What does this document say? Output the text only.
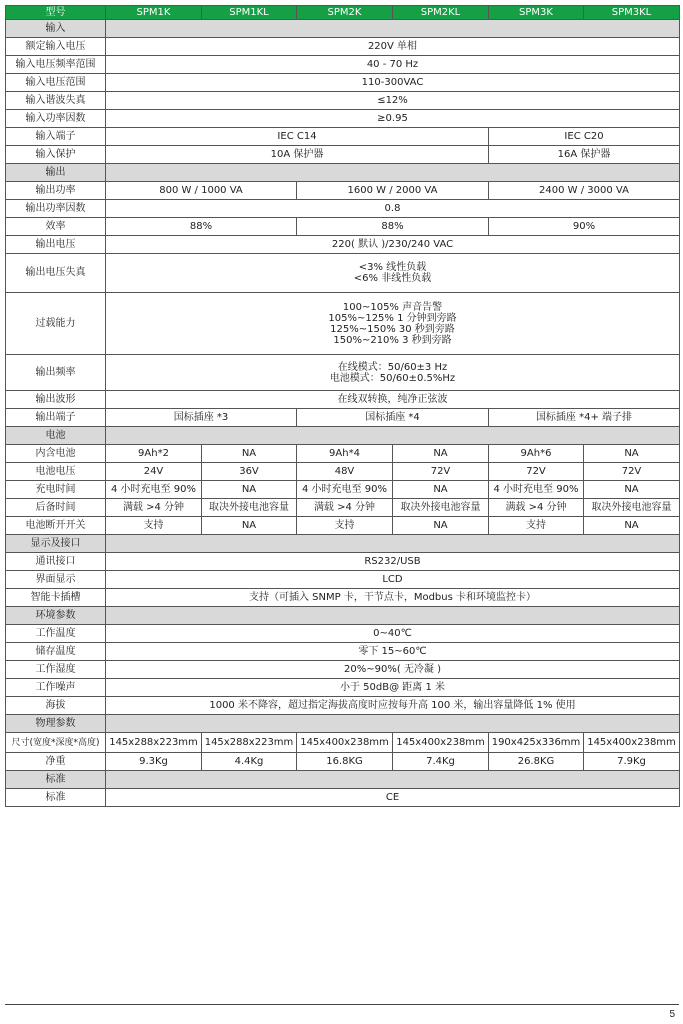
型号	SPM1K	SPM1KL	SPM2K	SPM2KL	SPM3K	SPM3KL
输入						
额定输入电压	220V 单相					
输入电压频率范围	40 - 70 Hz					
输入电压范围	110-300VAC					
输入谐波失真	≤12%					
输入功率因数	≥0.95					
输入端子	IEC C14				IEC C20	
输入保护	10A 保护器				16A 保护器	
输出						
输出功率	800 W / 1000 VA		1600 W / 2000 VA		2400 W / 3000 VA	
输出功率因数	0.8					
效率	88%		88%		90%	
输出电压	220( 默认 )/230/240 VAC					
输出电压失真	<3% 线性负载
<6% 非线性负载					

过载能力	100~105% 声音告警
105%~125% 1 分钟到旁路
125%~150% 30 秒到旁路
150%~210% 3 秒到旁路					

输出频率	在线模式：50/60±3 Hz
电池模式：50/60±0.5%Hz					

输出波形	在线双转换，纯净正弦波					
输出端子	国标插座 *3		国标插座 *4		国标插座 *4+ 端子排	
电池						
内含电池	9Ah*2	NA	9Ah*4	NA	9Ah*6	NA
电池电压	24V	36V	48V	72V	72V	72V
充电时间	4 小时充电至 90%	NA	4 小时充电至 90%	NA	4 小时充电至 90%	NA
后备时间	满载 >4 分钟	取决外接电池容量	满载 >4 分钟	取决外接电池容量	满载 >4 分钟	取决外接电池容量
电池断开开关	支持	NA	支持	NA	支持	NA
显示及接口						
通讯接口	RS232/USB					
界面显示	LCD					
智能卡插槽	支持（可插入 SNMP 卡，干节点卡，Modbus 卡和环境监控卡）					
环境参数						
工作温度	0~40℃					
储存温度	零下 15~60℃					
工作湿度	20%~90%( 无冷凝 )					
工作噪声	小于 50dB@ 距离 1 米					
海拔	1000 米不降容，超过指定海拔高度时应按每升高 100 米，输出容量降低 1% 使用					
物理参数						
尺寸(宽度*深度*高度)	145x288x223mm	145x288x223mm	145x400x238mm	145x400x238mm	190x425x336mm	145x400x238mm
净重	9.3Kg	4.4Kg	16.8KG	7.4Kg	26.8KG	7.9Kg
标准						
标准	CE					
5
